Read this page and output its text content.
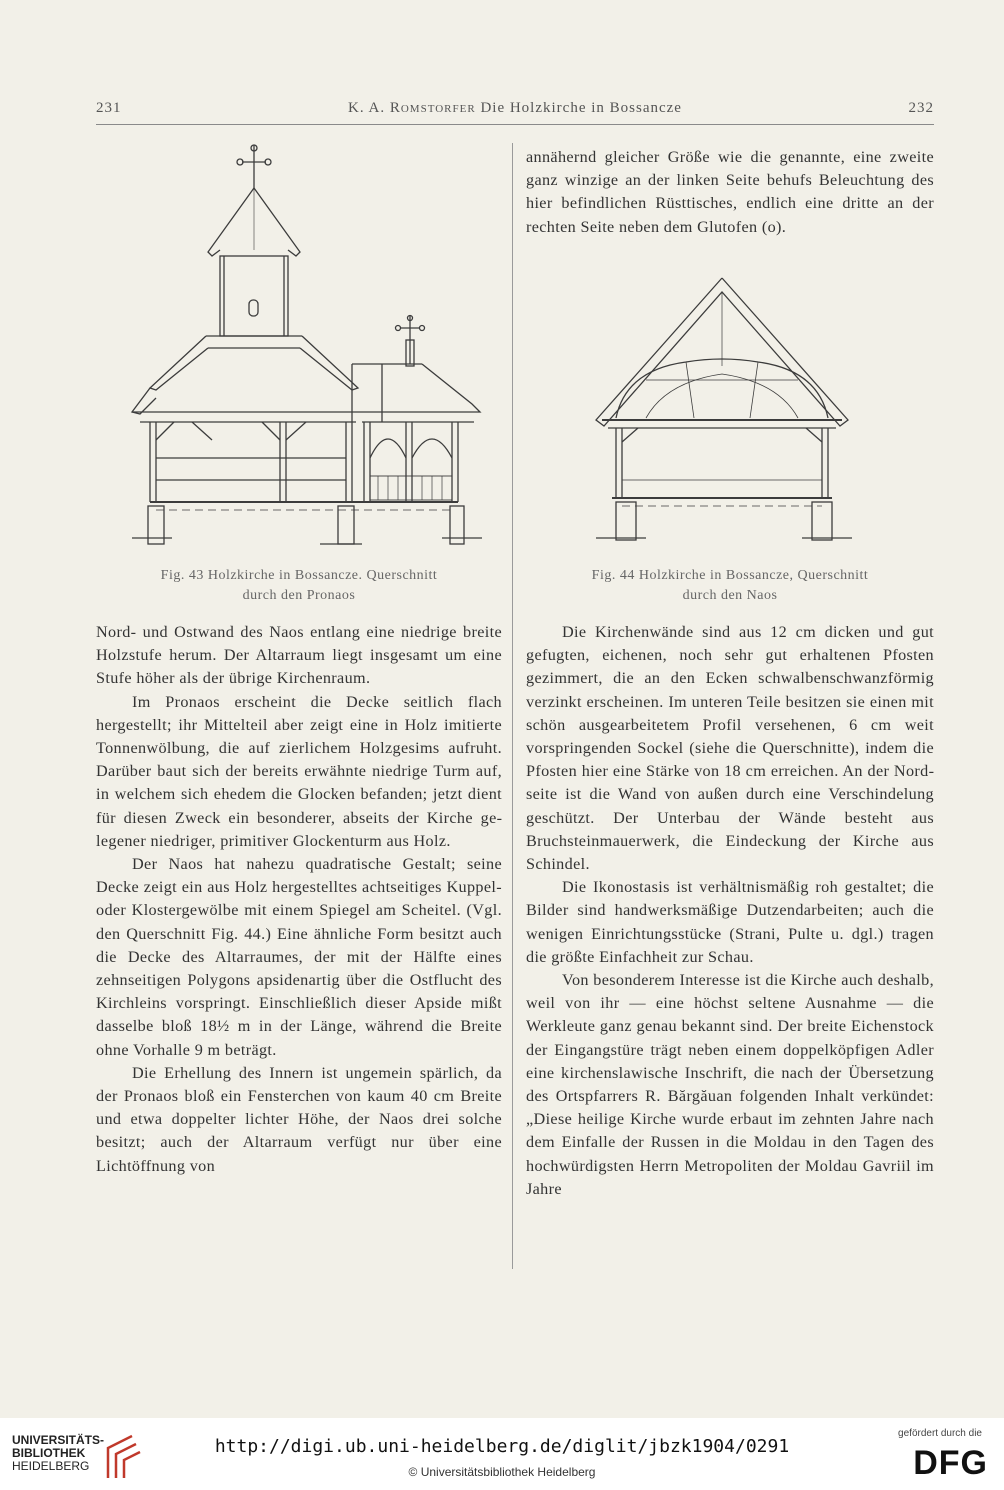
231	K. A. Romstorfer Die Holzkirche in Bossancze	232
Fig. 43 Holzkirche in Bossancze. Querschnitt
durch den Pronaos
Fig. 44 Holzkirche in Bossancze, Querschnitt
durch den Naos

annähernd gleicher Größe wie die genannte, eine zweite ganz winzige an der linken Seite behufs Beleuchtung des hier befindlichen Rüsttisches, endlich eine dritte an der rechten Seite neben dem Glutofen (o).

Nord- und Ostwand des Naos entlang eine niedrige breite Holzstufe herum. Der Altarraum liegt insgesamt um eine Stufe höher als der übrige Kirchenraum.

Im Pronaos erscheint die Decke seitlich flach hergestellt; ihr Mittelteil aber zeigt eine in Holz imitierte Tonnenwölbung, die auf zierlichem Holzgesims aufruht. Darüber baut sich der bereits erwähnte niedrige Turm auf, in welchem sich ehedem die Glocken befanden; jetzt dient für diesen Zweck ein besonderer, abseits der Kirche gelegener niedriger, primitiver Glockenturm aus Holz.

Der Naos hat nahezu quadratische Gestalt; seine Decke zeigt ein aus Holz hergestelltes achtseitiges Kuppel- oder Klostergewölbe mit einem Spiegel am Scheitel. (Vgl. den Querschnitt Fig. 44.) Eine ähnliche Form besitzt auch die Decke des Altarraumes, der mit der Hälfte eines zehnseitigen Polygons apsidenartig über die Ostflucht des Kirchleins vorspringt. Einschließlich dieser Apside mißt dasselbe bloß 18½ m in der Länge, während die Breite ohne Vorhalle 9 m beträgt.

Die Erhellung des Innern ist ungemein spärlich, da der Pronaos bloß ein Fensterchen von kaum 40 cm Breite und etwa doppelter lichter Höhe, der Naos drei solche besitzt; auch der Altarraum verfügt nur über eine Lichtöffnung von

Die Kirchenwände sind aus 12 cm dicken und gut gefugten, eichenen, noch sehr gut erhaltenen Pfosten gezimmert, die an den Ecken schwalbenschwanzförmig verzinkt erscheinen. Im unteren Teile besitzen sie einen mit schön ausgearbeitetem Profil versehenen, 6 cm weit vorspringenden Sockel (siehe die Querschnitte), indem die Pfosten hier eine Stärke von 18 cm erreichen. An der Nordseite ist die Wand von außen durch eine Verschindelung geschützt. Der Unterbau der Wände besteht aus Bruchsteinmauerwerk, die Eindeckung der Kirche aus Schindel.

Die Ikonostasis ist verhältnismäßig roh gestaltet; die Bilder sind handwerksmäßige Dutzendarbeiten; auch die wenigen Einrichtungsstücke (Strani, Pulte u. dgl.) tragen die größte Einfachheit zur Schau.

Von besonderem Interesse ist die Kirche auch deshalb, weil von ihr — eine höchst seltene Ausnahme — die Werkleute ganz genau bekannt sind. Der breite Eichenstock der Eingangstüre trägt neben einem doppelköpfigen Adler eine kirchenslawische Inschrift, die nach der Übersetzung des Ortspfarrers R. Bărgăuan folgenden Inhalt verkündet: „Diese heilige Kirche wurde erbaut im zehnten Jahre nach dem Einfalle der Russen in die Moldau in den Tagen des hochwürdigsten Herrn Metropoliten der Moldau Gavriil im Jahre

UNIVERSITÄTS-
BIBLIOTHEK
HEIDELBERG
http://digi.ub.uni-heidelberg.de/diglit/jbzk1904/0291
© Universitätsbibliothek Heidelberg
gefördert durch die
DFG
